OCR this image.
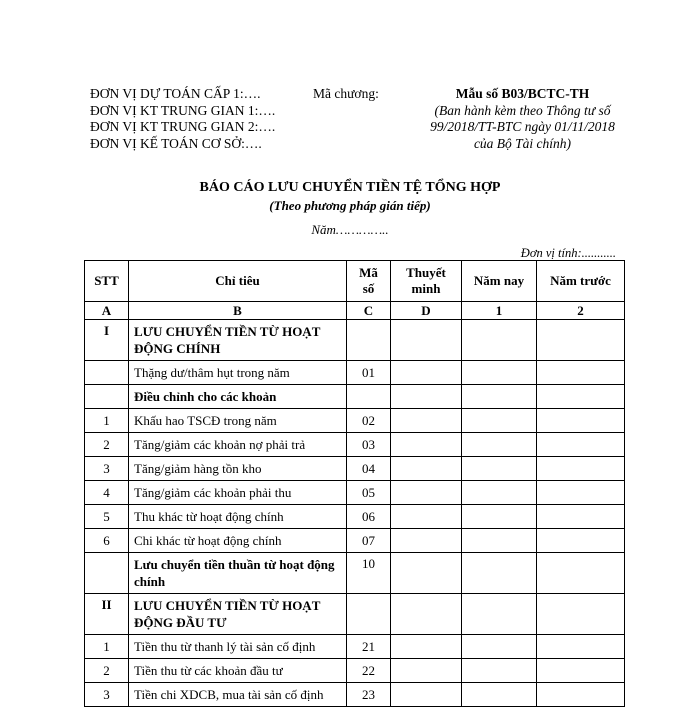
ĐƠN VỊ DỰ TOÁN CẤP 1:….
ĐƠN VỊ KT TRUNG GIAN 1:….
ĐƠN VỊ KT TRUNG GIAN 2:….
ĐƠN VỊ KẾ TOÁN CƠ SỞ:….
Mã chương:	Mẫu số B03/BCTC-TH
(Ban hành kèm theo Thông tư số
99/2018/TT-BTC ngày 01/11/2018
của Bộ Tài chính)
BÁO CÁO LƯU CHUYỂN TIỀN TỆ TỔNG HỢP
(Theo phương pháp gián tiếp)
Năm…………..
Đơn vị tính:...........
STT	Chỉ tiêu	Mã số	Thuyết minh	Năm nay	Năm trước
A	B	C	D	1	2
I	LƯU CHUYỂN TIỀN TỪ HOẠT ĐỘNG CHÍNH				
	Thặng dư/thâm hụt trong năm	01			
	Điều chỉnh cho các khoản				
1	Khấu hao TSCĐ trong năm	02			
2	Tăng/giảm các khoản nợ phải trả	03			
3	Tăng/giảm hàng tồn kho	04			
4	Tăng/giảm các khoản phải thu	05			
5	Thu khác từ hoạt động chính	06			
6	Chi khác từ hoạt động chính	07			
	Lưu chuyển tiền thuần từ hoạt động chính	10			
II	LƯU CHUYỂN TIỀN TỪ HOẠT ĐỘNG ĐẦU TƯ				
1	Tiền thu từ thanh lý tài sản cố định	21			
2	Tiền thu từ các khoản đầu tư	22			
3	Tiền chi XDCB, mua tài sản cố định	23			
